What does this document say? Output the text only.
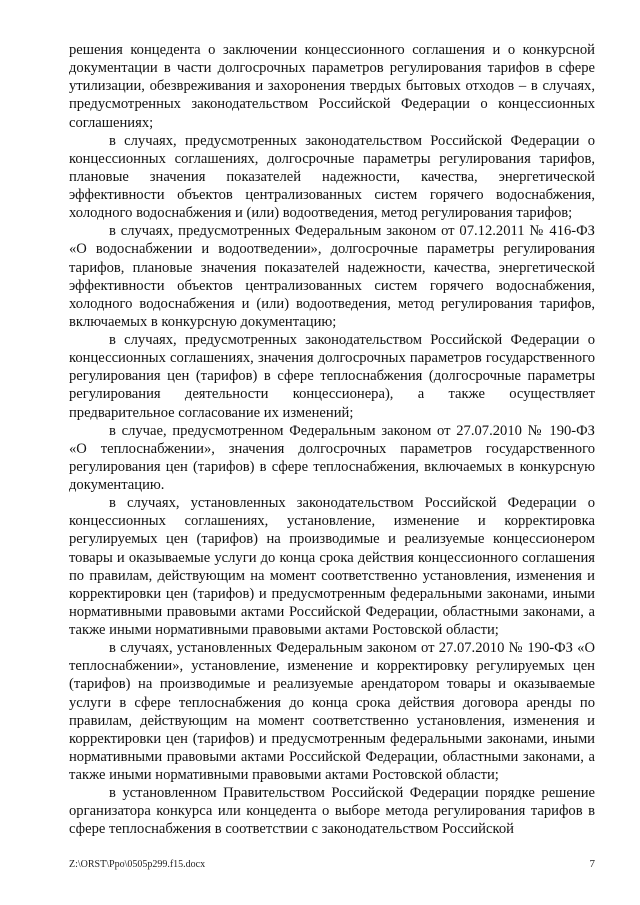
решения концедента о заключении концессионного соглашения и о конкурсной документации в части долгосрочных параметров регулирования тарифов в сфере утилизации, обезвреживания и захоронения твердых бытовых отходов – в случаях, предусмотренных законодательством Российской Федерации о концессионных соглашениях;

в случаях, предусмотренных законодательством Российской Федерации о концессионных соглашениях, долгосрочные параметры регулирования тарифов, плановые значения показателей надежности, качества, энергетической эффективности объектов централизованных систем горячего водоснабжения, холодного водоснабжения и (или) водоотведения, метод регулирования тарифов;

в случаях, предусмотренных Федеральным законом от 07.12.2011 № 416-ФЗ «О водоснабжении и водоотведении», долгосрочные параметры регулирования тарифов, плановые значения показателей надежности, качества, энергетической эффективности объектов централизованных систем горячего водоснабжения, холодного водоснабжения и (или) водоотведения, метод регулирования тарифов, включаемых в конкурсную документацию;

в случаях, предусмотренных законодательством Российской Федерации о концессионных соглашениях, значения долгосрочных параметров государственного регулирования цен (тарифов) в сфере теплоснабжения (долгосрочные параметры регулирования деятельности концессионера), а также осуществляет предварительное согласование их изменений;

в случае, предусмотренном Федеральным законом от 27.07.2010 № 190-ФЗ «О теплоснабжении», значения долгосрочных параметров государственного регулирования цен (тарифов) в сфере теплоснабжения, включаемых в конкурсную документацию.

в случаях, установленных законодательством Российской Федерации о концессионных соглашениях, установление, изменение и корректировка регулируемых цен (тарифов) на производимые и реализуемые концессионером товары и оказываемые услуги до конца срока действия концессионного соглашения по правилам, действующим на момент соответственно установления, изменения и корректировки цен (тарифов) и предусмотренным федеральными законами, иными нормативными правовыми актами Российской Федерации, областными законами, а также иными нормативными правовыми актами Ростовской области;

в случаях, установленных Федеральным законом от 27.07.2010 № 190-ФЗ «О теплоснабжении», установление, изменение и корректировку регулируемых цен (тарифов) на производимые и реализуемые арендатором товары и оказываемые услуги в сфере теплоснабжения до конца срока действия договора аренды по правилам, действующим на момент соответственно установления, изменения и корректировки цен (тарифов) и предусмотренным федеральными законами, иными нормативными правовыми актами Российской Федерации, областными законами, а также иными нормативными правовыми актами Ростовской области;

в установленном Правительством Российской Федерации порядке решение организатора конкурса или концедента о выборе метода регулирования тарифов в сфере теплоснабжения в соответствии с законодательством Российской

Z:\ORST\Ppo\0505p299.f15.docx	7
